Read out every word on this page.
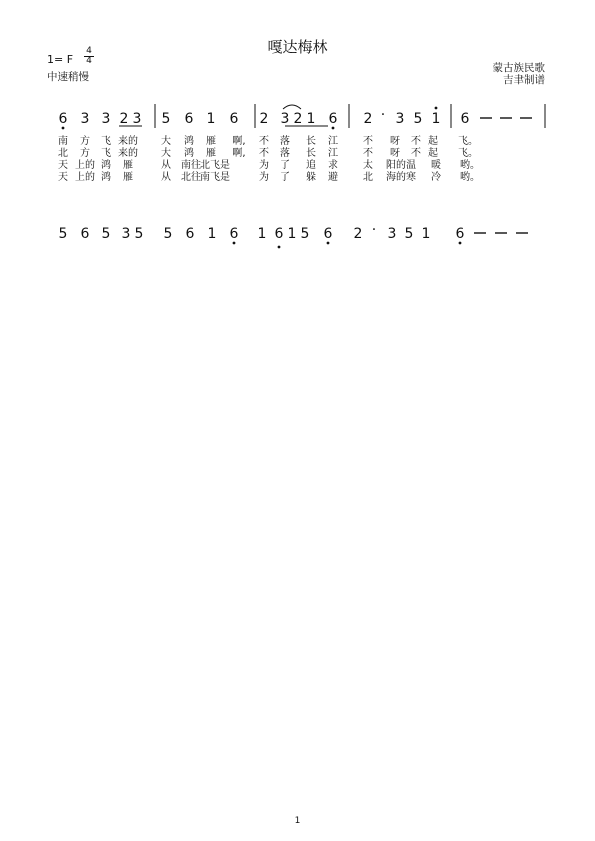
嘎达梅林
1= F
4
4
中速稍慢
蒙古族民歌
吉聿制谱
6 3 3 2 3 5 6 1 6 2 3 2 1 6 2 · 3 5 1 6
5 6 5 3 5 5 6 1 6 1 6 1 5 6 2 · 3 5 1 6
南 方 飞 来的 大 鸿 雁 啊, 不 落 长 江	不 呀 不 起 飞。
北 方 飞 来的 大 鸿 雁 啊, 不 落 长 江	不 呀 不 起 飞。
天 上的 鸿 雁	从 南往 北飞是	为 了 追 求	太 阳的温 暖 哟。
天 上的 鸿 雁	从 北往 南飞是	为 了 躲 避	北 海的寒 冷 哟。
1
